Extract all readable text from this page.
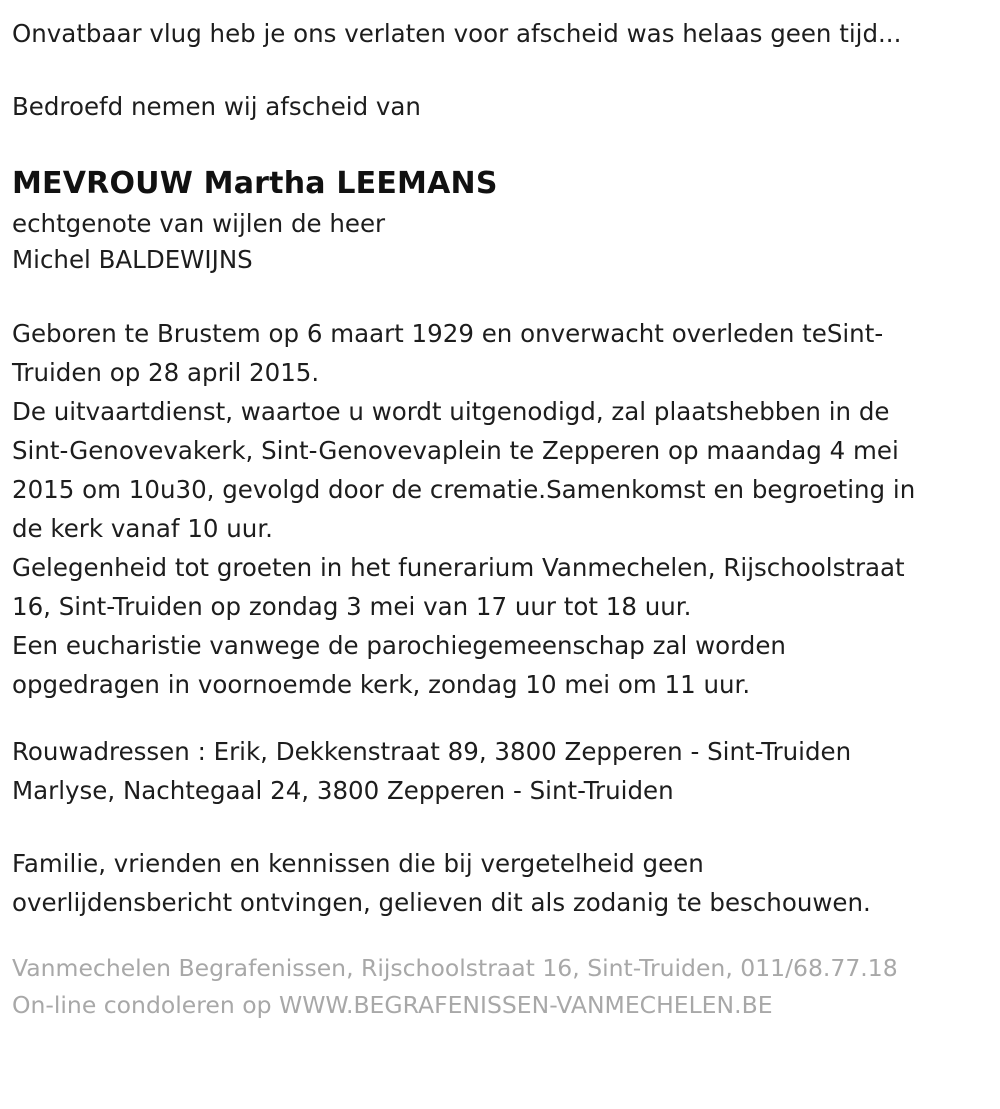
Onvatbaar vlug heb je ons verlaten voor afscheid was helaas geen tijd...
Bedroefd nemen wij afscheid van
MEVROUW Martha LEEMANS
echtgenote van wijlen de heer
Michel BALDEWIJNS
Geboren te Brustem op 6 maart 1929 en onverwacht overleden teSint-
Truiden op 28 april 2015.
De uitvaartdienst, waartoe u wordt uitgenodigd, zal plaatshebben in de
Sint-Genovevakerk, Sint-Genovevaplein te Zepperen op maandag 4 mei
2015 om 10u30, gevolgd door de crematie.Samenkomst en begroeting in
de kerk vanaf 10 uur.
Gelegenheid tot groeten in het funerarium Vanmechelen, Rijschoolstraat
16, Sint-Truiden op zondag 3 mei van 17 uur tot 18 uur.
Een eucharistie vanwege de parochiegemeenschap zal worden
opgedragen in voornoemde kerk, zondag 10 mei om 11 uur.
Rouwadressen : Erik, Dekkenstraat 89, 3800 Zepperen - Sint-Truiden
Marlyse, Nachtegaal 24, 3800 Zepperen - Sint-Truiden
Familie, vrienden en kennissen die bij vergetelheid geen
overlijdensbericht ontvingen, gelieven dit als zodanig te beschouwen.
Vanmechelen Begrafenissen, Rijschoolstraat 16, Sint-Truiden, 011/68.77.18
On-line condoleren op WWW.BEGRAFENISSEN-VANMECHELEN.BE
